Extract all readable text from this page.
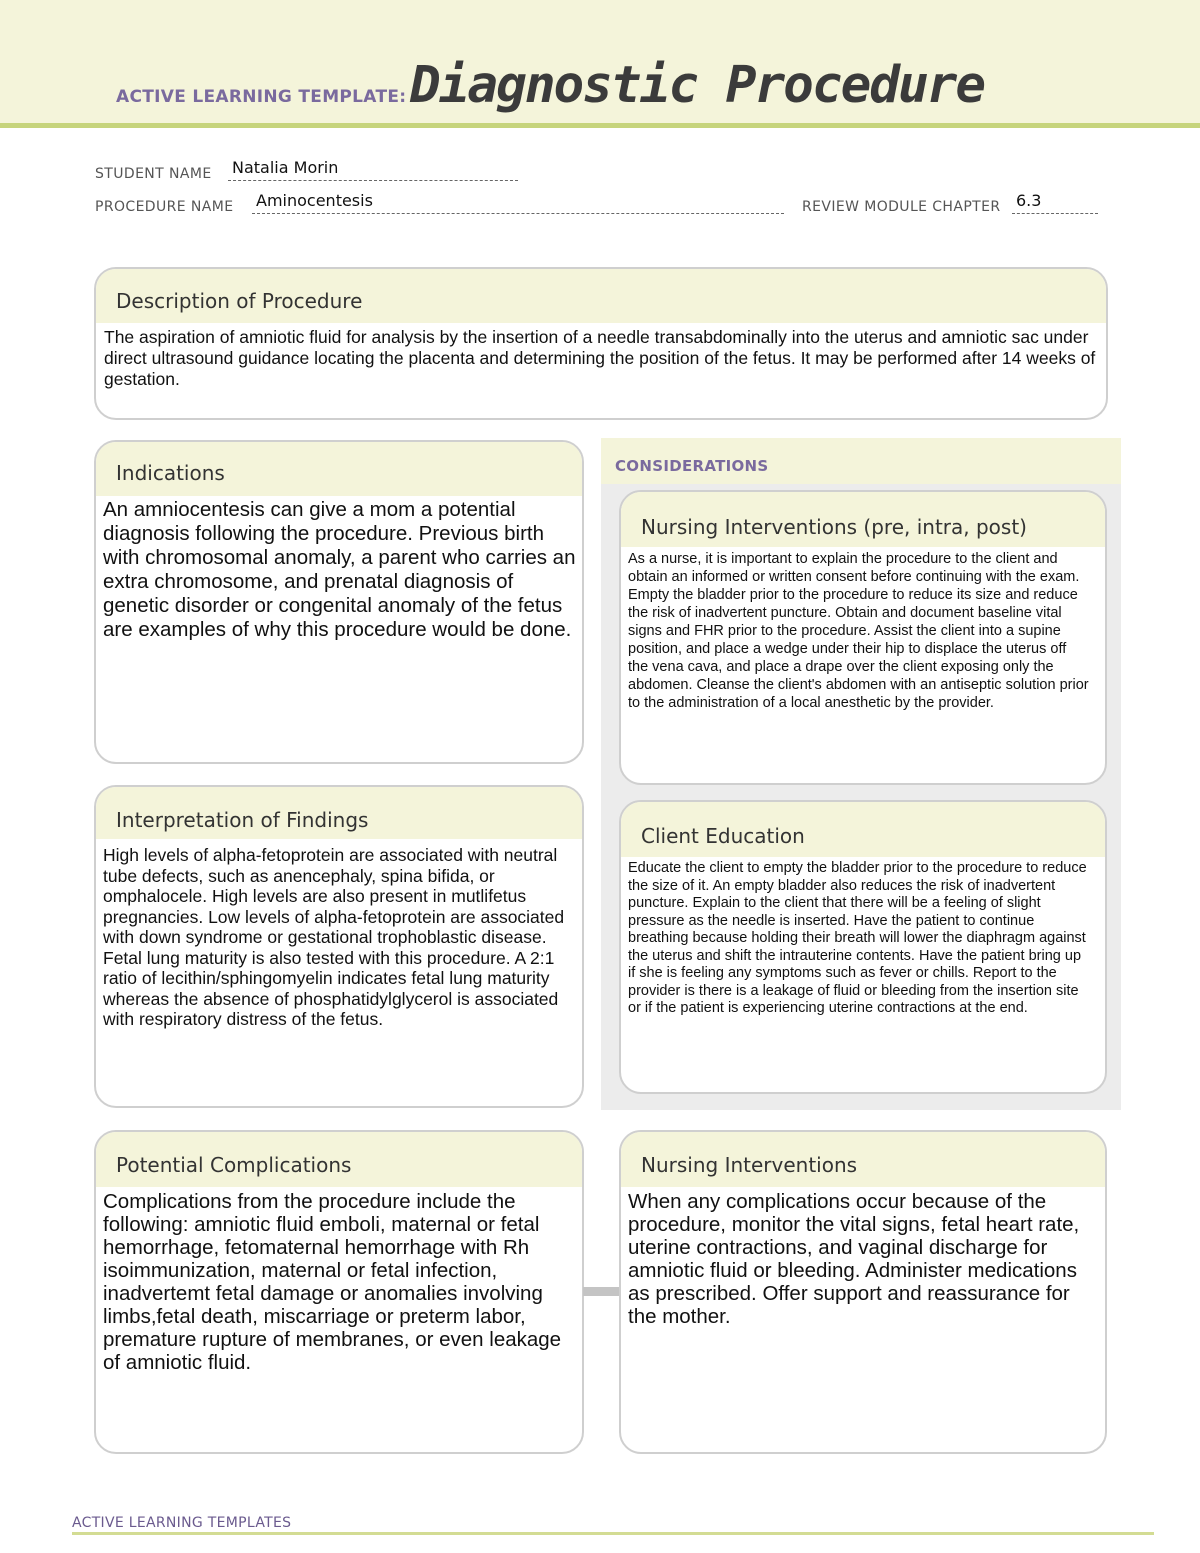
ACTIVE LEARNING TEMPLATE: Diagnostic Procedure
STUDENT NAME Natalia Morin
PROCEDURE NAME Aminocentesis	REVIEW MODULE CHAPTER 6.3
Description of Procedure
The aspiration of amniotic fluid for analysis by the insertion of a needle transabdominally into the uterus and amniotic sac under direct ultrasound guidance locating the placenta and determining the position of the fetus. It may be performed after 14 weeks of gestation.
Indications
An amniocentesis can give a mom a potential diagnosis following the procedure. Previous birth with chromosomal anomaly, a parent who carries an extra chromosome, and prenatal diagnosis of genetic disorder or congenital anomaly of the fetus are examples of why this procedure would be done.
Interpretation of Findings
High levels of alpha-fetoprotein are associated with neutral tube defects, such as anencephaly, spina bifida, or omphalocele. High levels are also present in mutlifetus pregnancies. Low levels of alpha-fetoprotein are associated with down syndrome or gestational trophoblastic disease. Fetal lung maturity is also tested with this procedure. A 2:1 ratio of lecithin/sphingomyelin indicates fetal lung maturity whereas the absence of phosphatidylglycerol is associated with respiratory distress of the fetus.
CONSIDERATIONS
Nursing Interventions (pre, intra, post)
As a nurse, it is important to explain the procedure to the client and obtain an informed or written consent before continuing with the exam. Empty the bladder prior to the procedure to reduce its size and reduce the risk of inadvertent puncture. Obtain and document baseline vital signs and FHR prior to the procedure. Assist the client into a supine position, and place a wedge under their hip to displace the uterus off the vena cava, and place a drape over the client exposing only the abdomen. Cleanse the client's abdomen with an antiseptic solution prior to the administration of a local anesthetic by the provider.
Client Education
Educate the client to empty the bladder prior to the procedure to reduce the size of it. An empty bladder also reduces the risk of inadvertent puncture. Explain to the client that there will be a feeling of slight pressure as the needle is inserted. Have the patient to continue breathing because holding their breath will lower the diaphragm against the uterus and shift the intrauterine contents. Have the patient bring up if she is feeling any symptoms such as fever or chills. Report to the provider is there is a leakage of fluid or bleeding from the insertion site or if the patient is experiencing uterine contractions at the end.
Potential Complications
Complications from the procedure include the following: amniotic fluid emboli, maternal or fetal hemorrhage, fetomaternal hemorrhage with Rh isoimmunization, maternal or fetal infection, inadvertemt fetal damage or anomalies involving limbs,fetal death, miscarriage or preterm labor, premature rupture of membranes, or even leakage of amniotic fluid.
Nursing Interventions
When any complications occur because of the procedure, monitor the vital signs, fetal heart rate, uterine contractions, and vaginal discharge for amniotic fluid or bleeding. Administer medications as prescribed. Offer support and reassurance for the mother.
ACTIVE LEARNING TEMPLATES
